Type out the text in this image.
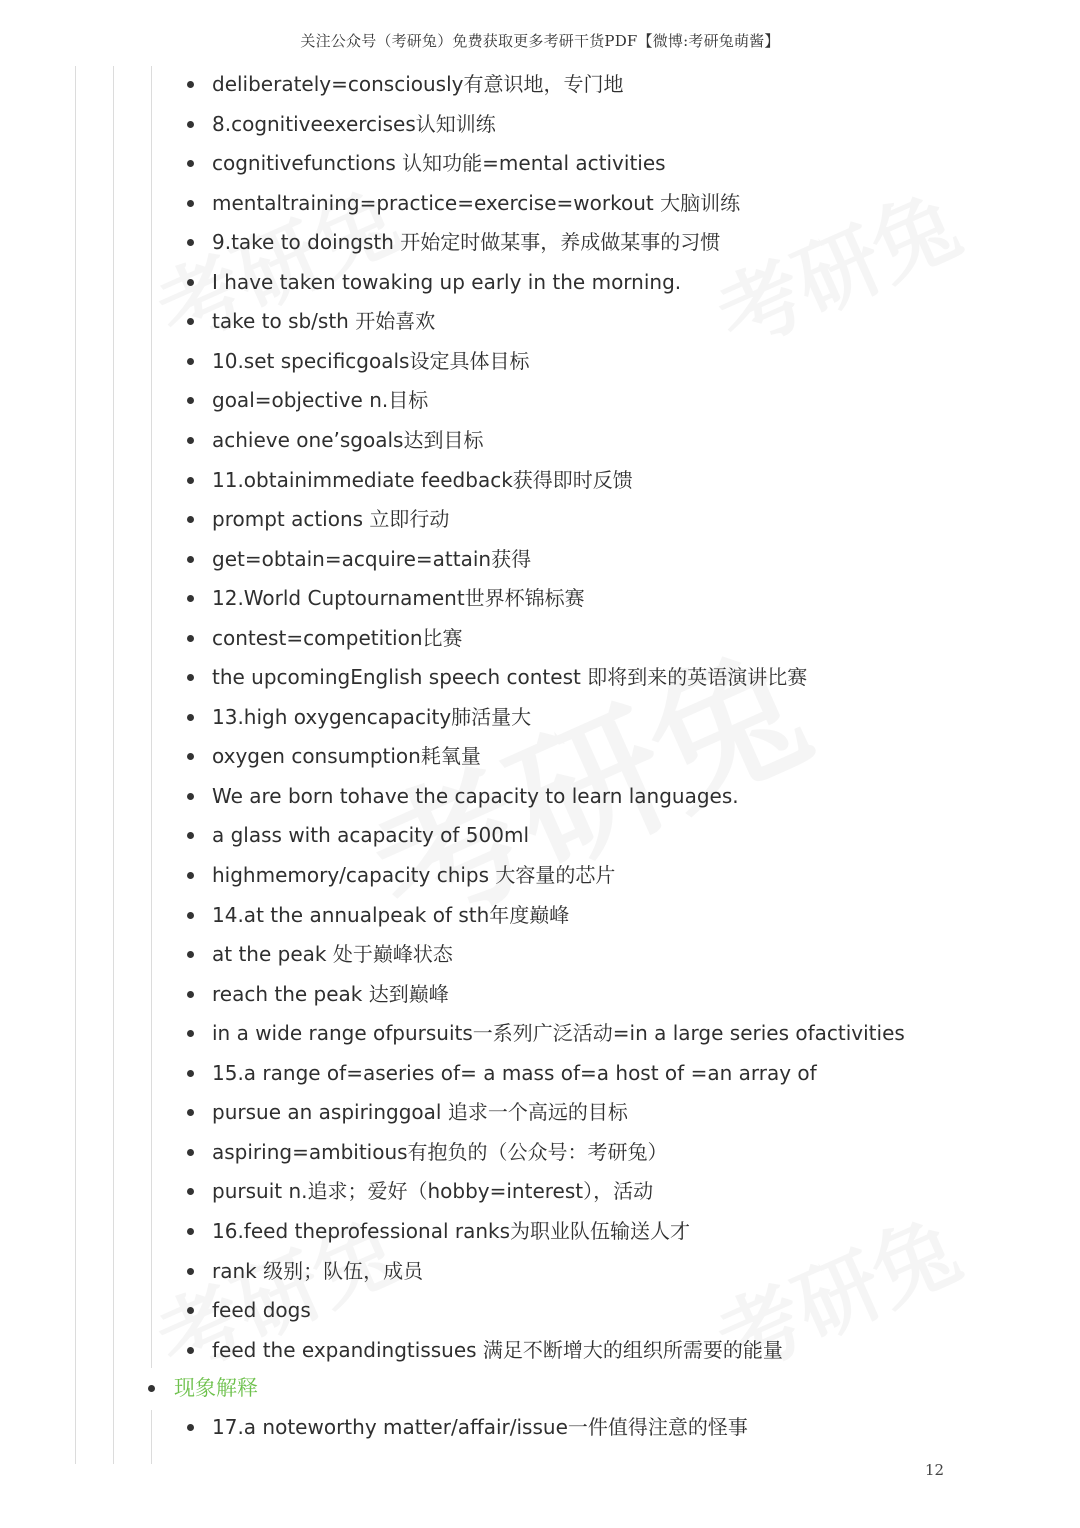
关注公众号（考研兔）免费获取更多考研干货PDF【微博:考研兔萌酱】
deliberately=consciously有意识地，专门地
8.cognitiveexercises认知训练
cognitivefunctions 认知功能=mental activities
mentaltraining=practice=exercise=workout 大脑训练
9.take to doingsth 开始定时做某事，养成做某事的习惯
I have taken towaking up early in the morning.
take to sb/sth 开始喜欢
10.set specificgoals设定具体目标
goal=objective n.目标
achieve one’sgoals达到目标
11.obtainimmediate feedback获得即时反馈
prompt actions 立即行动
get=obtain=acquire=attain获得
12.World Cuptournament世界杯锦标赛
contest=competition比赛
the upcomingEnglish speech contest 即将到来的英语演讲比赛
13.high oxygencapacity肺活量大
oxygen consumption耗氧量
We are born tohave the capacity to learn languages.
a glass with acapacity of 500ml
highmemory/capacity chips 大容量的芯片
14.at the annualpeak of sth年度巅峰
at the peak 处于巅峰状态
reach the peak 达到巅峰
in a wide range ofpursuits一系列广泛活动=in a large series ofactivities
15.a range of=aseries of= a mass of=a host of =an array of
pursue an aspiringgoal 追求一个高远的目标
aspiring=ambitious有抱负的（公众号：考研兔）
pursuit n.追求；爱好（hobby=interest），活动
16.feed theprofessional ranks为职业队伍输送人才
rank 级别；队伍，成员
feed dogs
feed the expandingtissues 满足不断增大的组织所需要的能量
现象解释
17.a noteworthy matter/affair/issue一件值得注意的怪事
12
